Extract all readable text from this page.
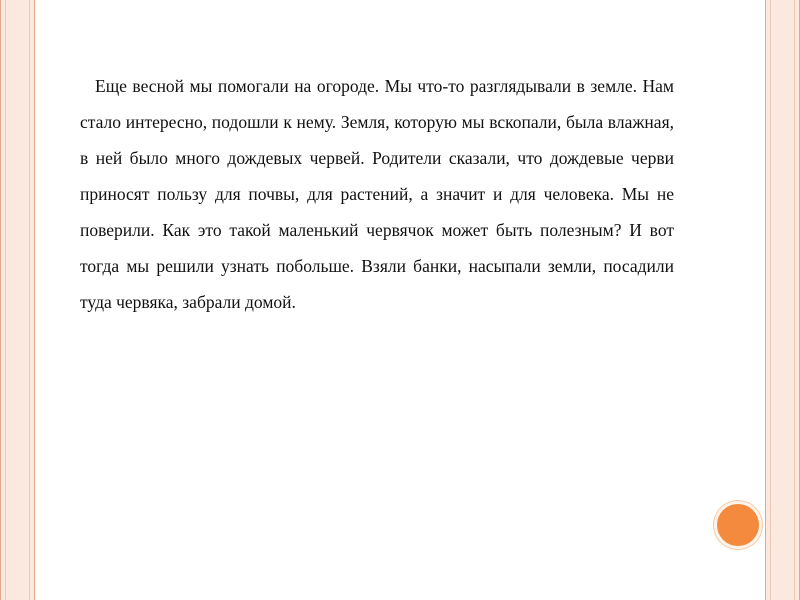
Еще весной мы помогали на огороде. Мы что-то разглядывали в земле. Нам стало интересно, подошли к нему. Земля, которую мы вскопали, была влажная, в ней было много дождевых червей. Родители сказали, что дождевые черви приносят пользу для почвы, для растений, а значит и для человека. Мы не поверили. Как это такой маленький червячок может быть полезным? И вот тогда мы решили узнать побольше. Взяли банки, насыпали земли, посадили туда червяка, забрали домой.
